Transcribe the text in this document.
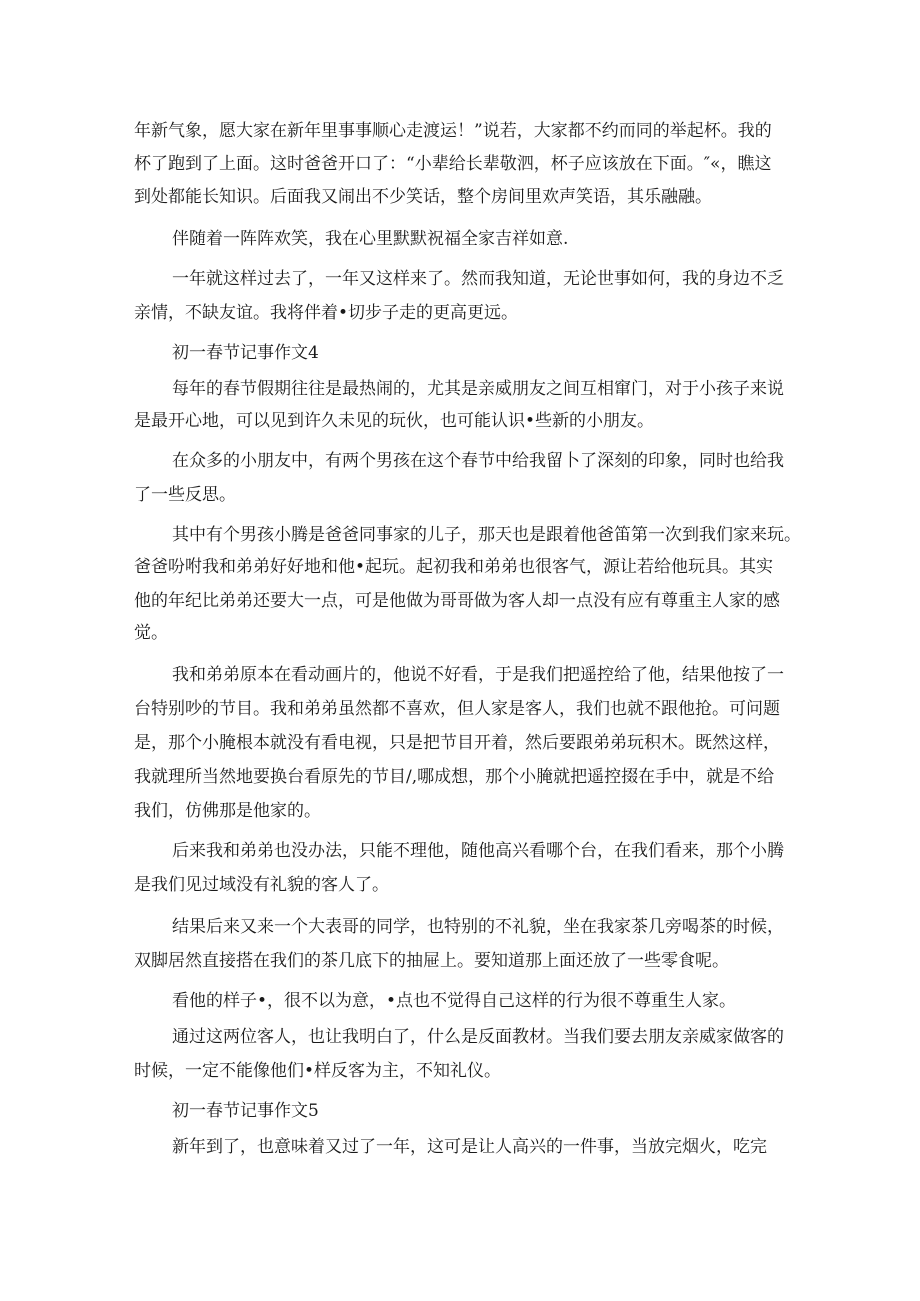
年新气象，愿大家在新年里事事顺心走渡运！”说若，大家都不约而同的举起杯。我的
杯了跑到了上面。这时爸爸开口了：“小辈给长辈敬泗，杯子应该放在下面。″«，瞧这
到处都能长知识。后面我又闹出不少笑话，整个房间里欢声笑语，其乐融融。
伴随着一阵阵欢笑，我在心里默默祝福全家吉祥如意.
一年就这样过去了，一年又这样来了。然而我知道，无论世事如何，我的身边不乏
亲情，不缺友谊。我将伴着•切步子走的更高更远。
初一春节记事作文4
每年的春节假期往往是最热闹的，尤其是亲威朋友之间互相窜门，对于小孩子来说
是最开心地，可以见到许久未见的玩伙，也可能认识•些新的小朋友。
在众多的小朋友中，有两个男孩在这个春节中给我留卜了深刻的印象，同时也给我
了一些反思。
其中有个男孩小腾是爸爸同事家的儿子，那天也是跟着他爸笛第一次到我们家来玩。
爸爸吩咐我和弟弟好好地和他•起玩。起初我和弟弟也很客气，源让若给他玩具。其实
他的年纪比弟弟还要大一点，可是他做为哥哥做为客人却一点没有应有尊重主人家的感
觉。
我和弟弟原本在看动画片的，他说不好看，于是我们把遥控给了他，结果他按了一
台特别吵的节目。我和弟弟虽然都不喜欢，但人家是客人，我们也就不跟他抢。可问题
是，那个小腌根本就没有看电视，只是把节目开着，然后要跟弟弟玩积木。既然这样，
我就理所当然地要换台看原先的节目/,哪成想，那个小腌就把遥控掇在手中，就是不给
我们，仿佛那是他家的。
后来我和弟弟也没办法，只能不理他，随他高兴看哪个台，在我们看来，那个小腾
是我们见过域没有礼貌的客人了。
结果后来又来一个大表哥的同学，也特别的不礼貌，坐在我家茶几旁喝茶的时候，
双脚居然直接搭在我们的茶几底下的抽屉上。要知道那上面还放了一些零食呢。
看他的样子•，很不以为意，•点也不觉得自己这样的行为很不尊重生人家。
通过这两位客人，也让我明白了，什么是反面教材。当我们要去朋友亲威家做客的
时候，一定不能像他们•样反客为主，不知礼仪。
初一春节记事作文5
新年到了，也意味着又过了一年，这可是让人高兴的一件事，当放完烟火，吃完
